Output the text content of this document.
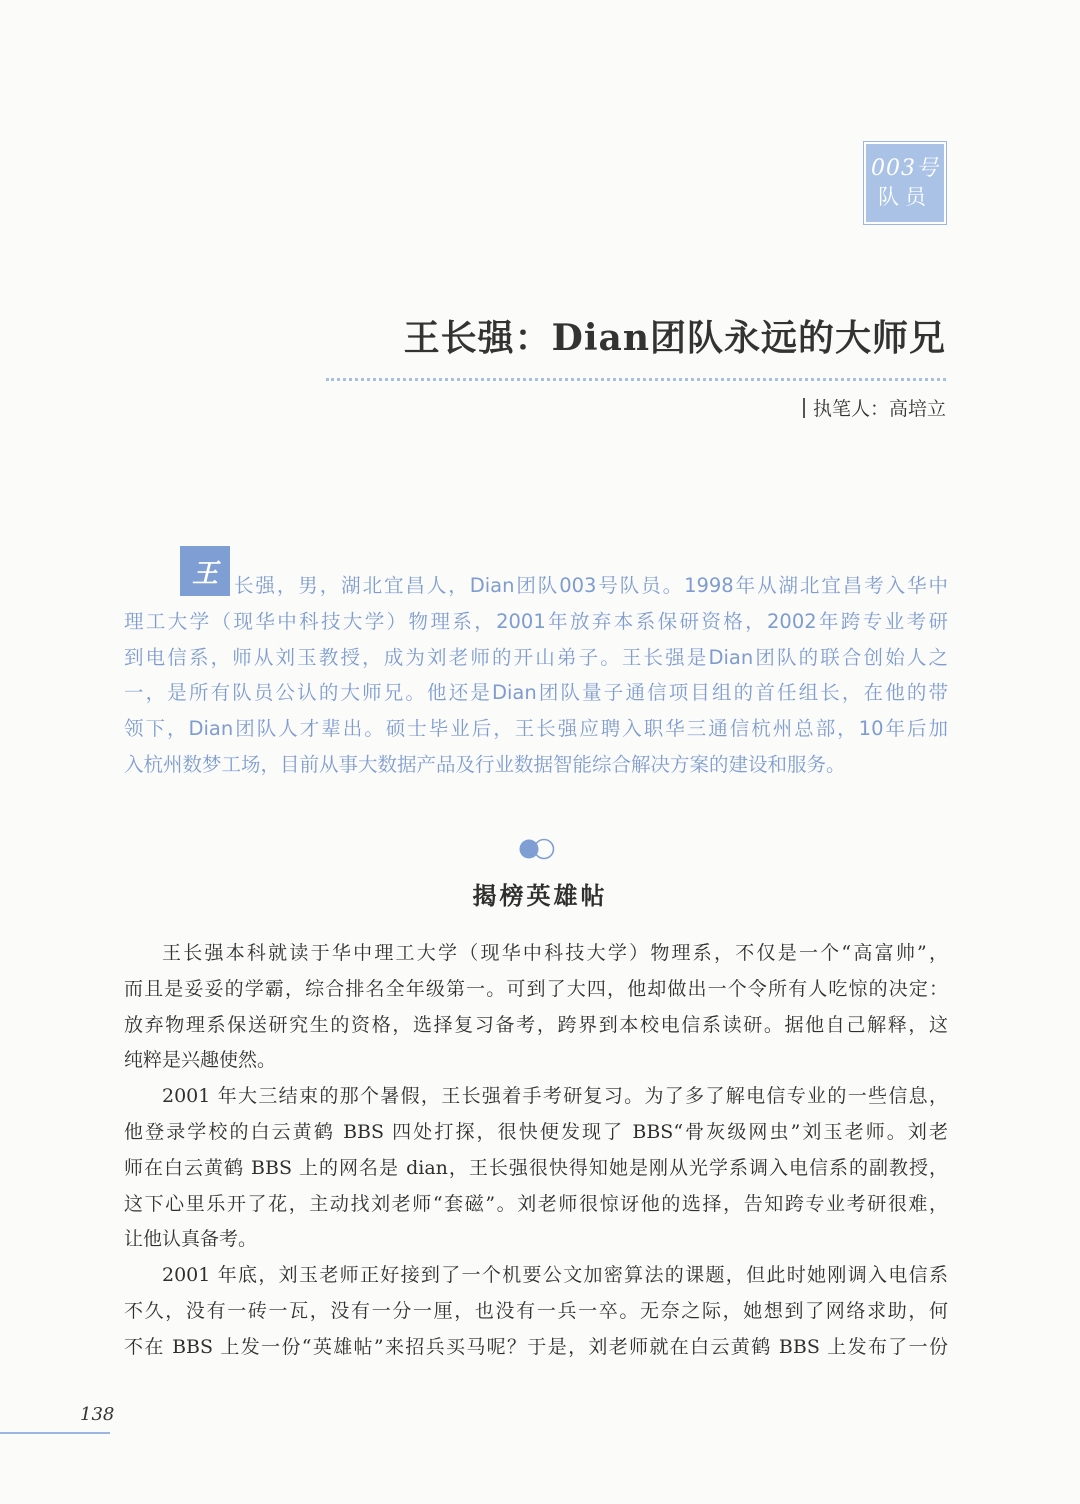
003号
队员
王长强：Dian团队永远的大师兄
执笔人：高培立
王 长强，男，湖北宜昌人，Dian团队003号队员。1998年从湖北宜昌考入华中
理工大学（现华中科技大学）物理系，2001年放弃本系保研资格，2002年跨专业考研
到电信系，师从刘玉教授，成为刘老师的开山弟子。王长强是Dian团队的联合创始人之
一，是所有队员公认的大师兄。他还是Dian团队量子通信项目组的首任组长，在他的带
领下，Dian团队人才辈出。硕士毕业后，王长强应聘入职华三通信杭州总部，10年后加
入杭州数梦工场，目前从事大数据产品及行业数据智能综合解决方案的建设和服务。
揭榜英雄帖
王长强本科就读于华中理工大学（现华中科技大学）物理系，不仅是一个“高富帅”，
而且是妥妥的学霸，综合排名全年级第一。可到了大四，他却做出一个令所有人吃惊的决定：
放弃物理系保送研究生的资格，选择复习备考，跨界到本校电信系读研。据他自己解释，这
纯粹是兴趣使然。
2001 年大三结束的那个暑假，王长强着手考研复习。为了多了解电信专业的一些信息，
他登录学校的白云黄鹤 BBS 四处打探，很快便发现了 BBS“骨灰级网虫”刘玉老师。刘老
师在白云黄鹤 BBS 上的网名是 dian，王长强很快得知她是刚从光学系调入电信系的副教授，
这下心里乐开了花，主动找刘老师“套磁”。刘老师很惊讶他的选择，告知跨专业考研很难，
让他认真备考。
2001 年底，刘玉老师正好接到了一个机要公文加密算法的课题，但此时她刚调入电信系
不久，没有一砖一瓦，没有一分一厘，也没有一兵一卒。无奈之际，她想到了网络求助，何
不在 BBS 上发一份“英雄帖”来招兵买马呢？于是，刘老师就在白云黄鹤 BBS 上发布了一份
138
